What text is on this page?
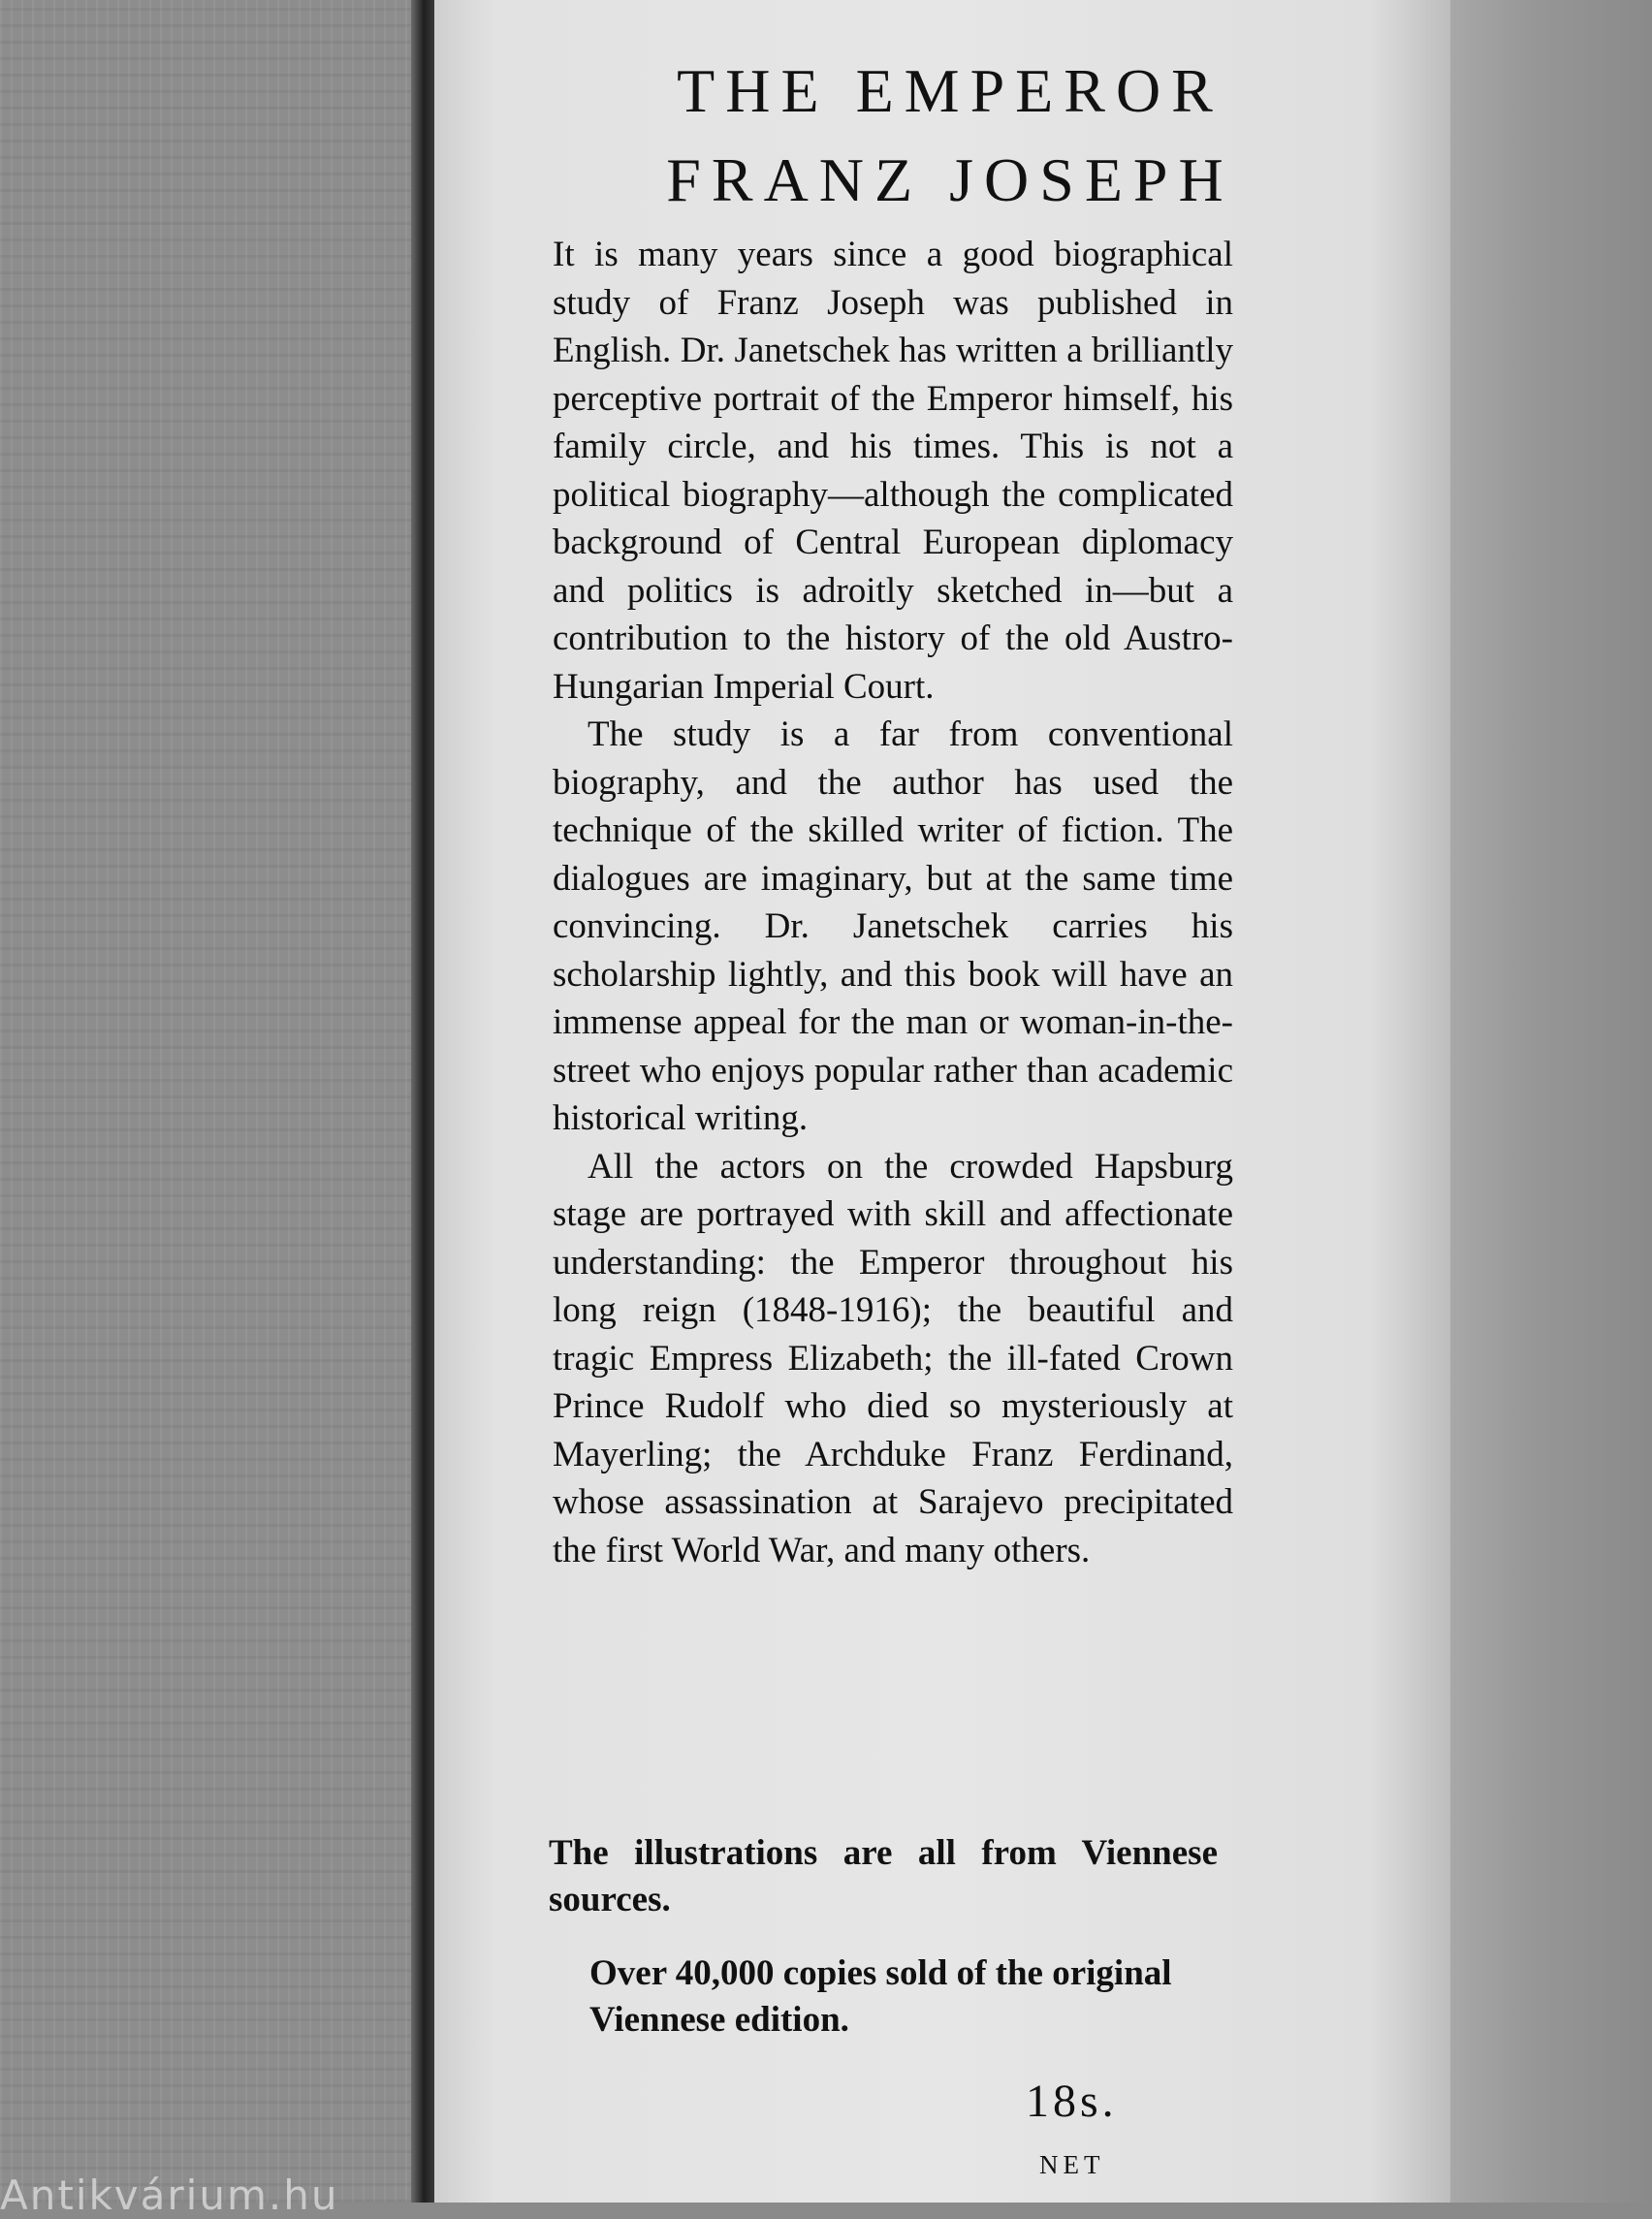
THE EMPEROR
FRANZ JOSEPH

It is many years since a good biographical study of Franz Joseph was published in English. Dr. Janetschek has written a brilliantly perceptive portrait of the Emperor himself, his family circle, and his times. This is not a political biography—although the complicated background of Central European diplomacy and politics is adroitly sketched in—but a contribution to the history of the old Austro-Hungarian Imperial Court.

The study is a far from conventional biography, and the author has used the technique of the skilled writer of fiction. The dialogues are imaginary, but at the same time convincing. Dr. Janetschek carries his scholarship lightly, and this book will have an immense appeal for the man or woman-in-the-street who enjoys popular rather than academic historical writing.

All the actors on the crowded Hapsburg stage are portrayed with skill and affectionate understanding: the Emperor throughout his long reign (1848-1916); the beautiful and tragic Empress Elizabeth; the ill-fated Crown Prince Rudolf who died so mysteriously at Mayerling; the Archduke Franz Ferdinand, whose assassination at Sarajevo precipitated the first World War, and many others.

The illustrations are all from Viennese sources.

Over 40,000 copies sold of the original Viennese edition.

18s.
NET
Antikvárium.hu
